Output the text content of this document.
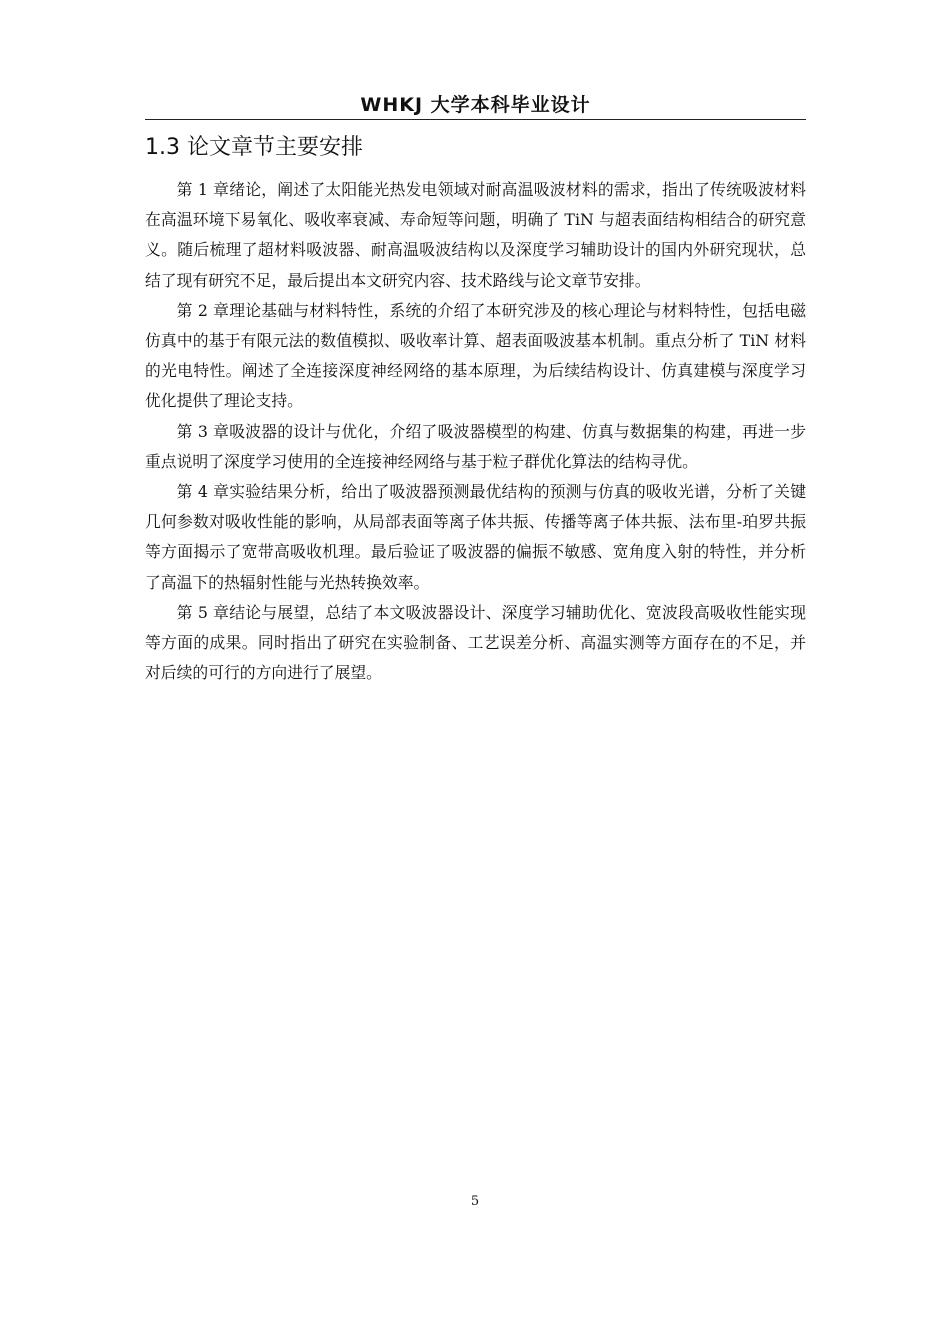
WHKJ 大学本科毕业设计
1.3 论文章节主要安排

第 1 章绪论，阐述了太阳能光热发电领域对耐高温吸波材料的需求，指出了传统吸波材料在高温环境下易氧化、吸收率衰减、寿命短等问题，明确了 TiN 与超表面结构相结合的研究意义。随后梳理了超材料吸波器、耐高温吸波结构以及深度学习辅助设计的国内外研究现状，总结了现有研究不足，最后提出本文研究内容、技术路线与论文章节安排。

第 2 章理论基础与材料特性，系统的介绍了本研究涉及的核心理论与材料特性，包括电磁仿真中的基于有限元法的数值模拟、吸收率计算、超表面吸波基本机制。重点分析了 TiN 材料的光电特性。阐述了全连接深度神经网络的基本原理，为后续结构设计、仿真建模与深度学习优化提供了理论支持。

第 3 章吸波器的设计与优化，介绍了吸波器模型的构建、仿真与数据集的构建，再进一步重点说明了深度学习使用的全连接神经网络与基于粒子群优化算法的结构寻优。

第 4 章实验结果分析，给出了吸波器预测最优结构的预测与仿真的吸收光谱，分析了关键几何参数对吸收性能的影响，从局部表面等离子体共振、传播等离子体共振、法布里-珀罗共振等方面揭示了宽带高吸收机理。最后验证了吸波器的偏振不敏感、宽角度入射的特性，并分析了高温下的热辐射性能与光热转换效率。

第 5 章结论与展望，总结了本文吸波器设计、深度学习辅助优化、宽波段高吸收性能实现等方面的成果。同时指出了研究在实验制备、工艺误差分析、高温实测等方面存在的不足，并对后续的可行的方向进行了展望。

5
